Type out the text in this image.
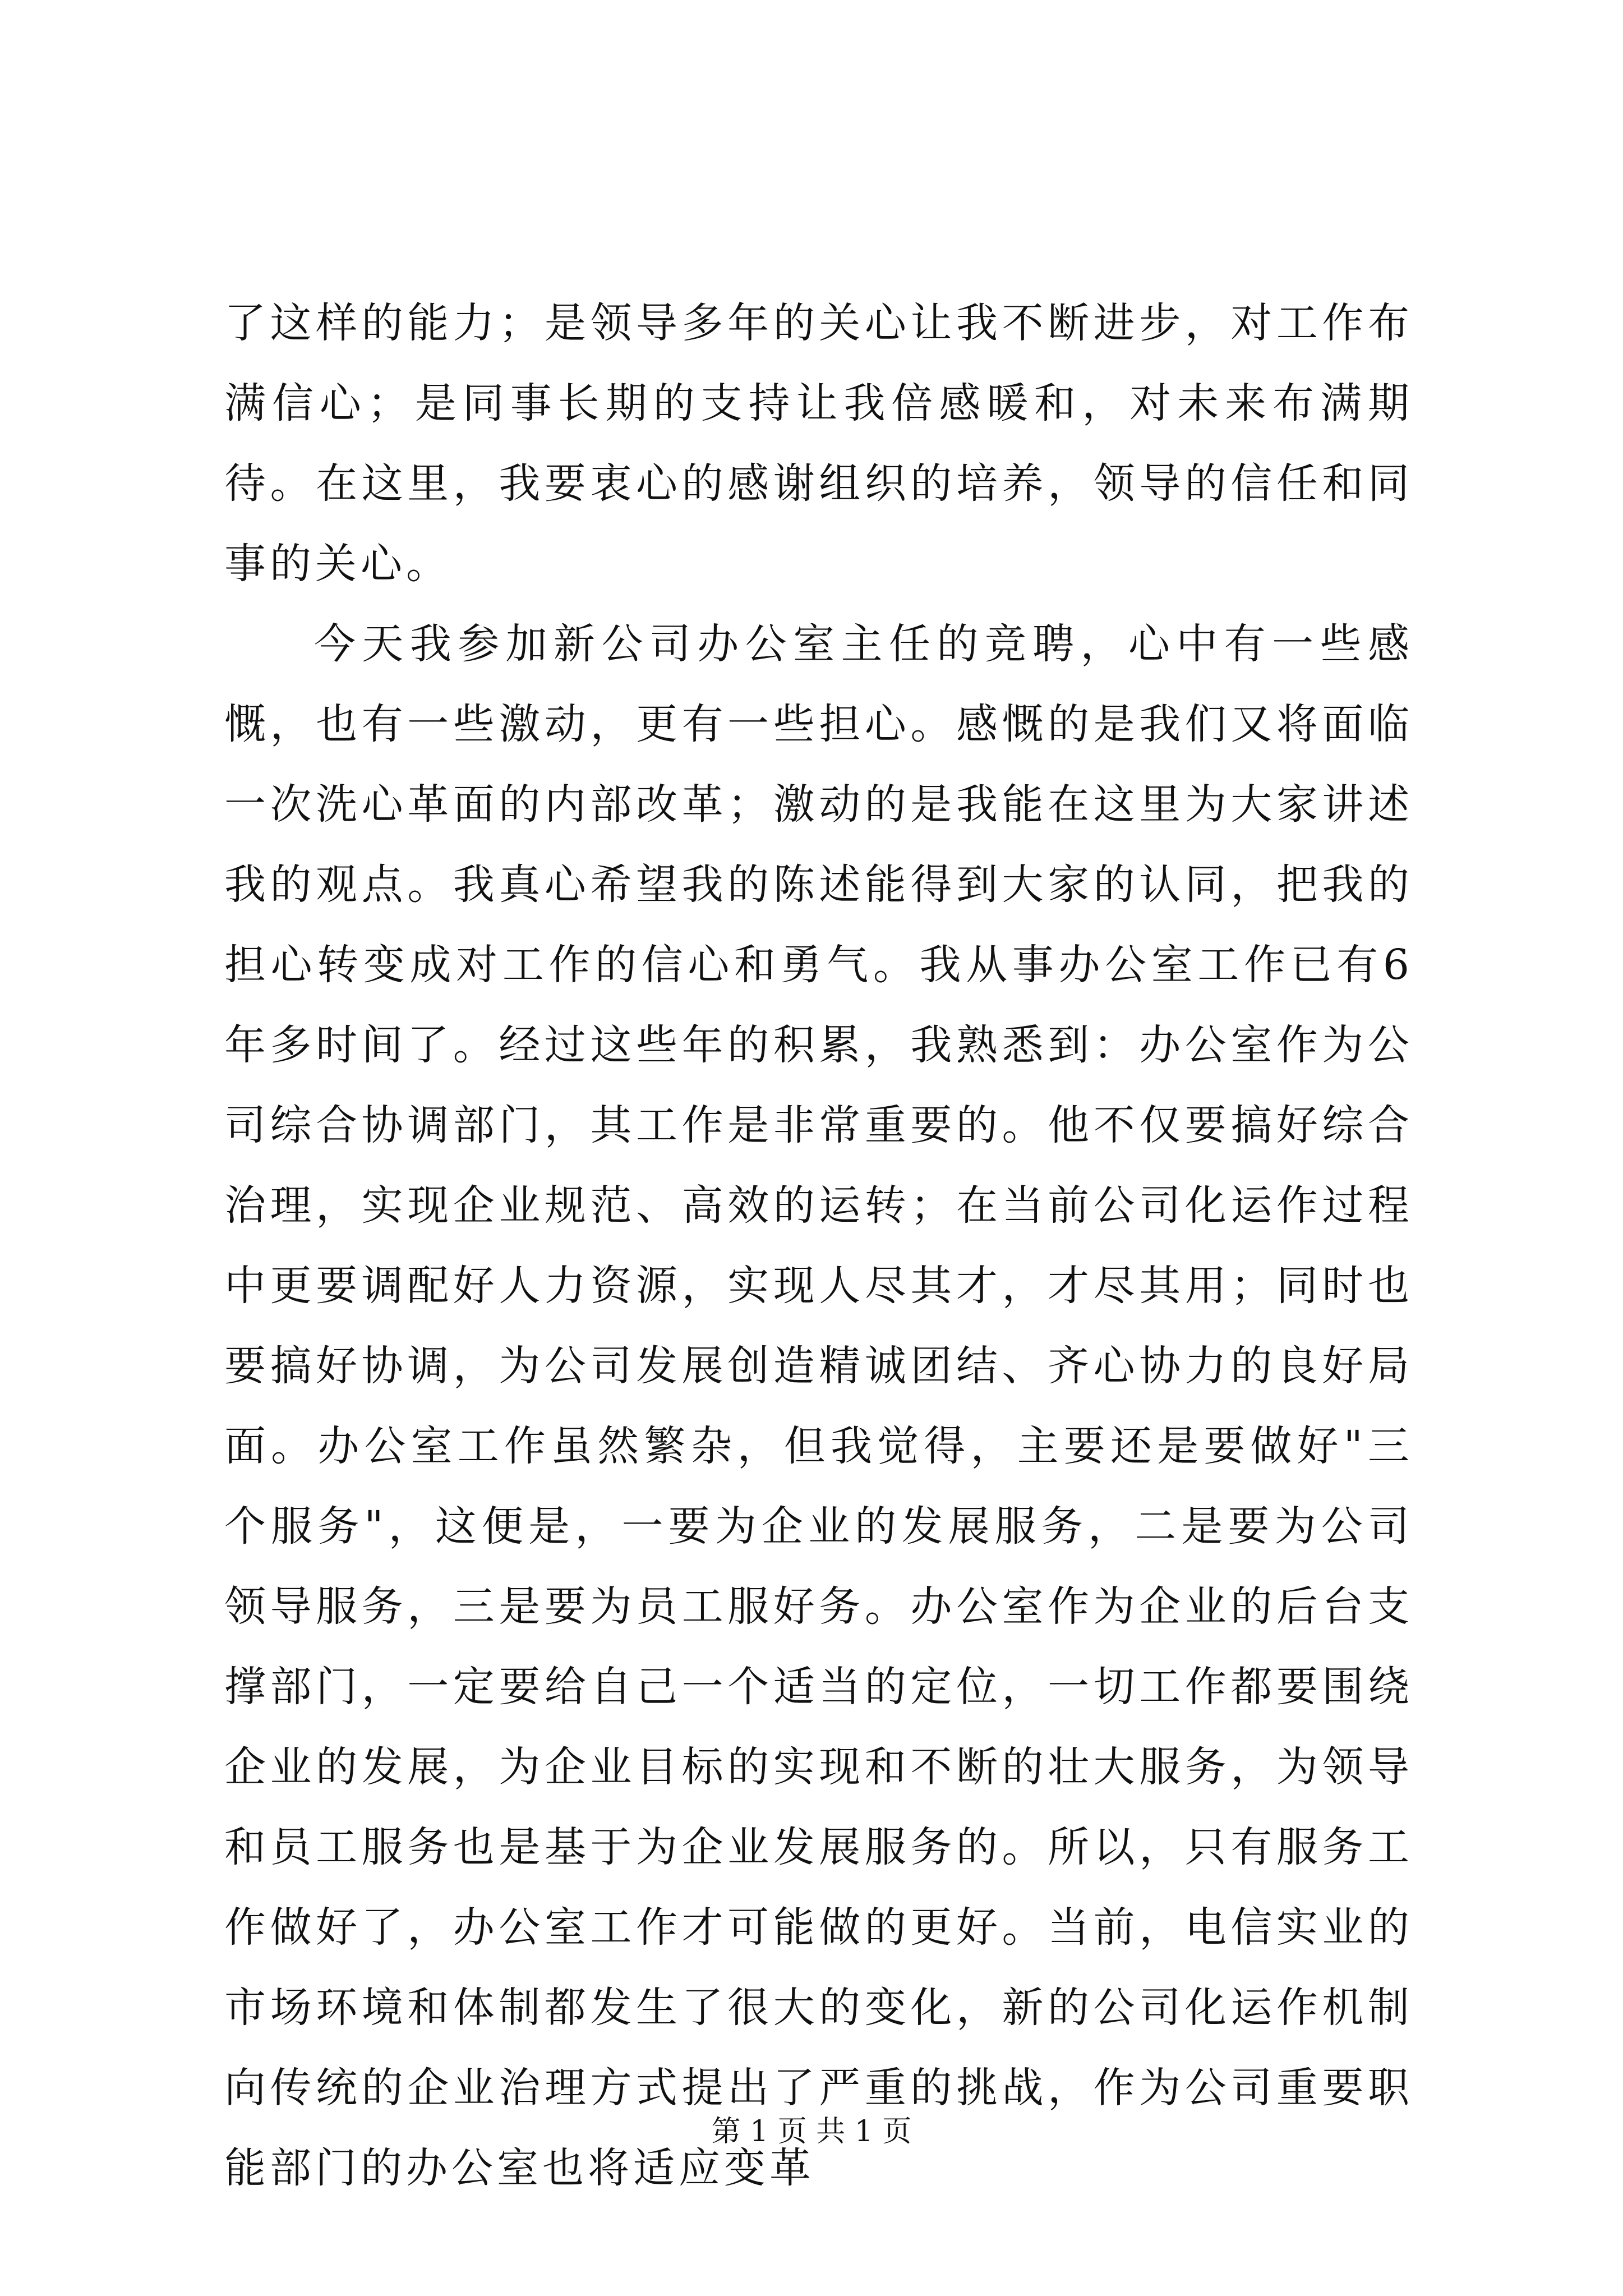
了这样的能力；是领导多年的关心让我不断进步，对工作布满信心；是同事长期的支持让我倍感暖和，对未来布满期待。在这里，我要衷心的感谢组织的培养，领导的信任和同事的关心。

今天我参加新公司办公室主任的竞聘，心中有一些感慨，也有一些激动，更有一些担心。感慨的是我们又将面临一次洗心革面的内部改革；激动的是我能在这里为大家讲述我的观点。我真心希望我的陈述能得到大家的认同，把我的担心转变成对工作的信心和勇气。我从事办公室工作已有6年多时间了。经过这些年的积累，我熟悉到：办公室作为公司综合协调部门，其工作是非常重要的。他不仅要搞好综合治理，实现企业规范、高效的运转；在当前公司化运作过程中更要调配好人力资源，实现人尽其才，才尽其用；同时也要搞好协调，为公司发展创造精诚团结、齐心协力的良好局面。办公室工作虽然繁杂，但我觉得，主要还是要做好"三个服务"，这便是，一要为企业的发展服务，二是要为公司领导服务，三是要为员工服好务。办公室作为企业的后台支撑部门，一定要给自己一个适当的定位，一切工作都要围绕企业的发展，为企业目标的实现和不断的壮大服务，为领导和员工服务也是基于为企业发展服务的。所以，只有服务工作做好了，办公室工作才可能做的更好。当前，电信实业的市场环境和体制都发生了很大的变化，新的公司化运作机制向传统的企业治理方式提出了严重的挑战，作为公司重要职能部门的办公室也将适应变革

第 1 页 共 1 页
